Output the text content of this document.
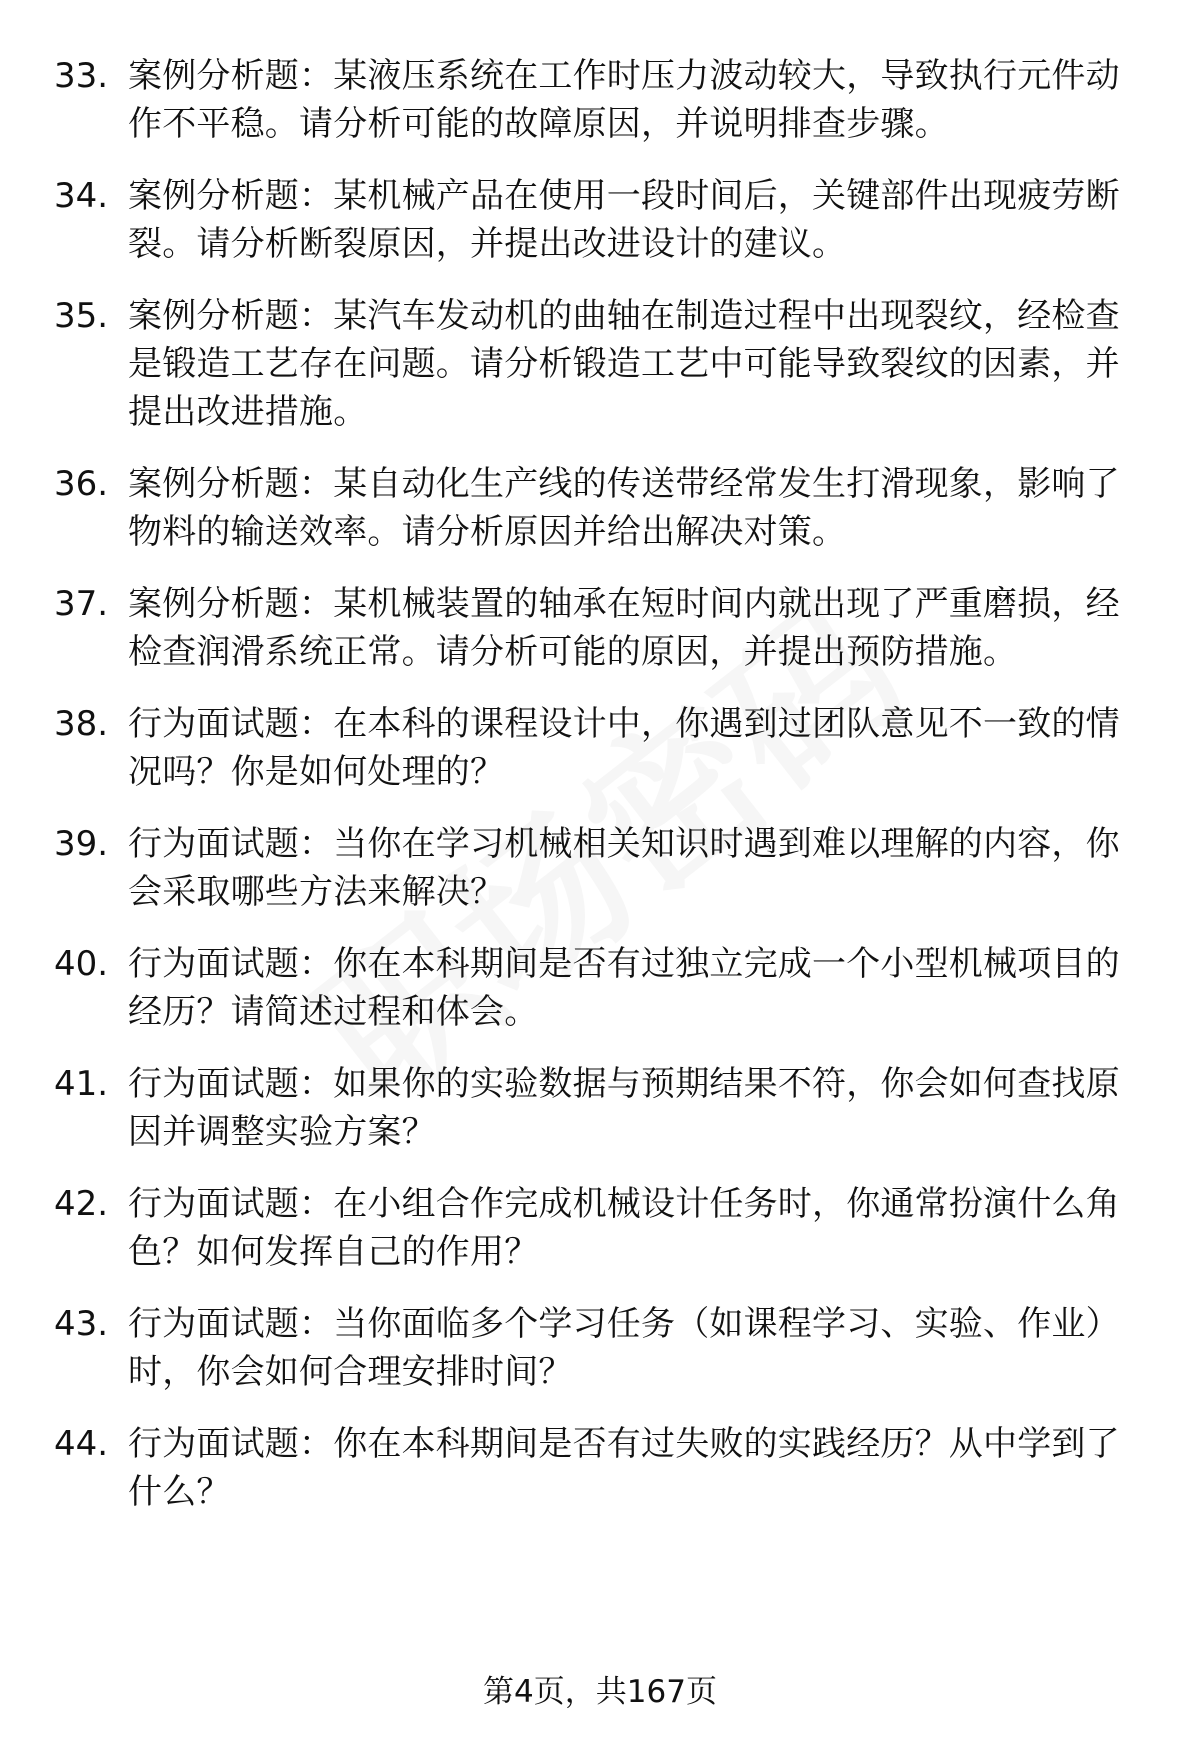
33. 案例分析题：某液压系统在工作时压力波动较大，导致执行元件动作不平稳。请分析可能的故障原因，并说明排查步骤。
34. 案例分析题：某机械产品在使用一段时间后，关键部件出现疲劳断裂。请分析断裂原因，并提出改进设计的建议。
35. 案例分析题：某汽车发动机的曲轴在制造过程中出现裂纹，经检查是锻造工艺存在问题。请分析锻造工艺中可能导致裂纹的因素，并提出改进措施。
36. 案例分析题：某自动化生产线的传送带经常发生打滑现象，影响了物料的输送效率。请分析原因并给出解决对策。
37. 案例分析题：某机械装置的轴承在短时间内就出现了严重磨损，经检查润滑系统正常。请分析可能的原因，并提出预防措施。
38. 行为面试题：在本科的课程设计中，你遇到过团队意见不一致的情况吗？你是如何处理的？
39. 行为面试题：当你在学习机械相关知识时遇到难以理解的内容，你会采取哪些方法来解决？
40. 行为面试题：你在本科期间是否有过独立完成一个小型机械项目的经历？请简述过程和体会。
41. 行为面试题：如果你的实验数据与预期结果不符，你会如何查找原因并调整实验方案？
42. 行为面试题：在小组合作完成机械设计任务时，你通常扮演什么角色？如何发挥自己的作用？
43. 行为面试题：当你面临多个学习任务（如课程学习、实验、作业）时，你会如何合理安排时间？
44. 行为面试题：你在本科期间是否有过失败的实践经历？从中学到了什么？
第4页，共167页
